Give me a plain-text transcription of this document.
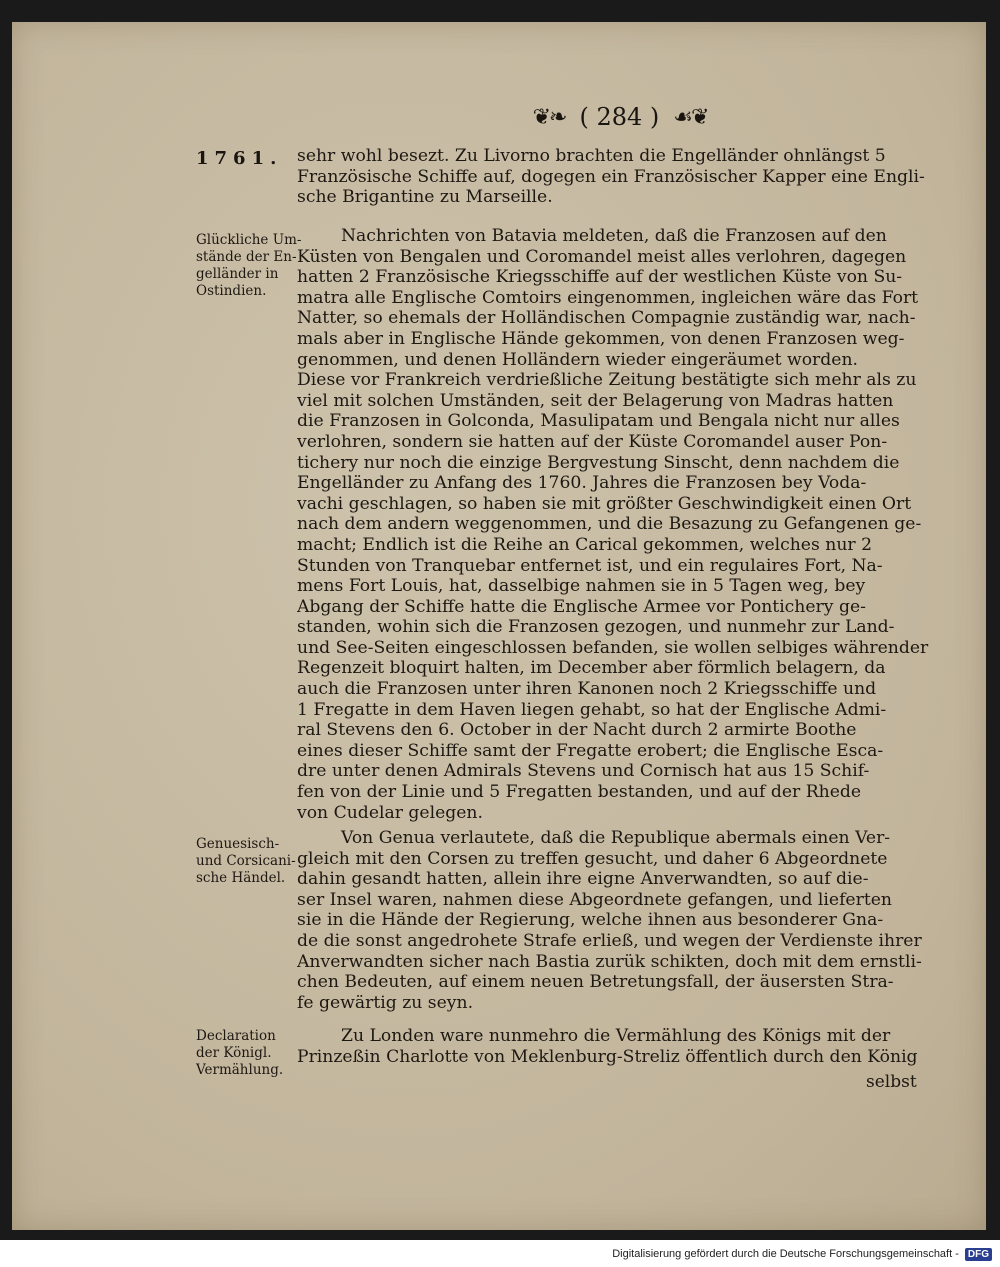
❦❧ ( 284 ) ☙❦
1761. sehr wohl besezt. Zu Livorno brachten die Engelländer ohnlängst 5
Französische Schiffe auf, dogegen ein Französischer Kapper eine Engli-
sche Brigantine zu Marseille.
Glückliche Um-
stände der En-
gelländer in
Ostindien.
Nachrichten von Batavia meldeten, daß die Franzosen auf den
Küsten von Bengalen und Coromandel meist alles verlohren, dagegen
hatten 2 Französische Kriegsschiffe auf der westlichen Küste von Su-
matra alle Englische Comtoirs eingenommen, ingleichen wäre das Fort
Natter, so ehemals der Holländischen Compagnie zuständig war, nach-
mals aber in Englische Hände gekommen, von denen Franzosen weg-
genommen, und denen Holländern wieder eingeräumet worden.
Diese vor Frankreich verdrießliche Zeitung bestätigte sich mehr als zu
viel mit solchen Umständen, seit der Belagerung von Madras hatten
die Franzosen in Golconda, Masulipatam und Bengala nicht nur alles
verlohren, sondern sie hatten auf der Küste Coromandel auser Pon-
tichery nur noch die einzige Bergvestung Sinscht, denn nachdem die
Engelländer zu Anfang des 1760. Jahres die Franzosen bey Voda-
vachi geschlagen, so haben sie mit größter Geschwindigkeit einen Ort
nach dem andern weggenommen, und die Besazung zu Gefangenen ge-
macht; Endlich ist die Reihe an Carical gekommen, welches nur 2
Stunden von Tranquebar entfernet ist, und ein regulaires Fort, Na-
mens Fort Louis, hat, dasselbige nahmen sie in 5 Tagen weg, bey
Abgang der Schiffe hatte die Englische Armee vor Pontichery ge-
standen, wohin sich die Franzosen gezogen, und nunmehr zur Land-
und See-Seiten eingeschlossen befanden, sie wollen selbiges währender
Regenzeit bloquirt halten, im December aber förmlich belagern, da
auch die Franzosen unter ihren Kanonen noch 2 Kriegsschiffe und
1 Fregatte in dem Haven liegen gehabt, so hat der Englische Admi-
ral Stevens den 6. October in der Nacht durch 2 armirte Boothe
eines dieser Schiffe samt der Fregatte erobert; die Englische Esca-
dre unter denen Admirals Stevens und Cornisch hat aus 15 Schif-
fen von der Linie und 5 Fregatten bestanden, und auf der Rhede
von Cudelar gelegen.
Genuesisch-
und Corsicani-
sche Händel.
Von Genua verlautete, daß die Republique abermals einen Ver-
gleich mit den Corsen zu treffen gesucht, und daher 6 Abgeordnete
dahin gesandt hatten, allein ihre eigne Anverwandten, so auf die-
ser Insel waren, nahmen diese Abgeordnete gefangen, und lieferten
sie in die Hände der Regierung, welche ihnen aus besonderer Gna-
de die sonst angedrohete Strafe erließ, und wegen der Verdienste ihrer
Anverwandten sicher nach Bastia zurük schikten, doch mit dem ernstli-
chen Bedeuten, auf einem neuen Betretungsfall, der äusersten Stra-
fe gewärtig zu seyn.
Declaration
der Königl.
Vermählung.
Zu Londen ware nunmehro die Vermählung des Königs mit der
Prinzeßin Charlotte von Meklenburg-Streliz öffentlich durch den König
selbst
Digitalisierung gefördert durch die Deutsche Forschungsgemeinschaft - DFG
